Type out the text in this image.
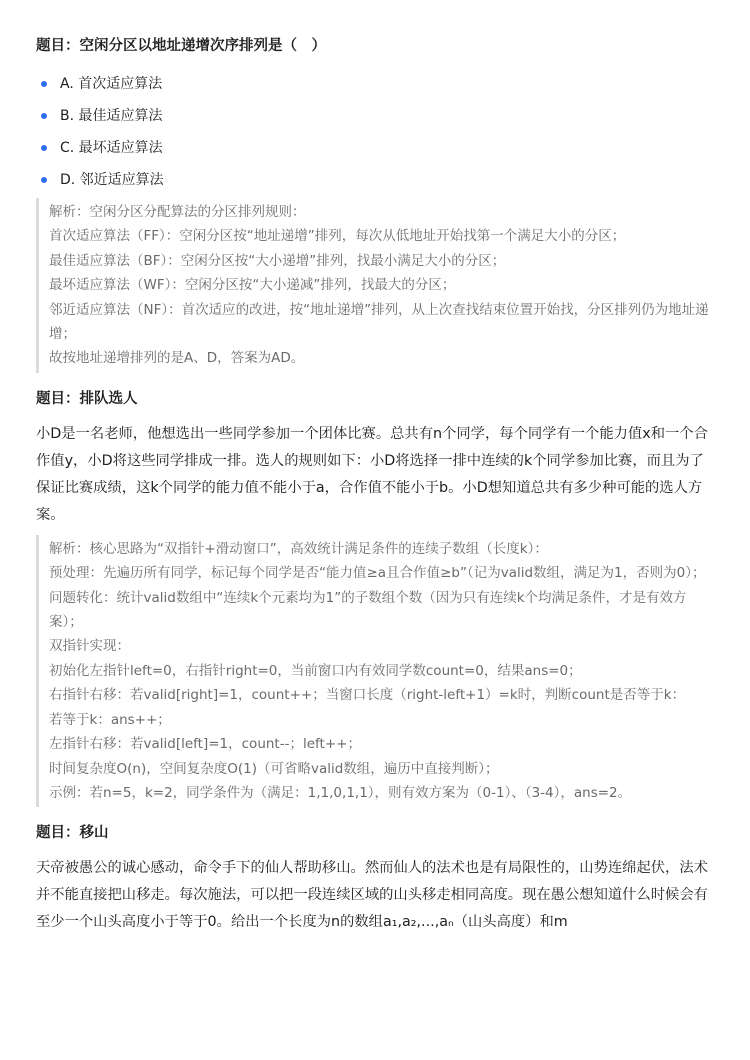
题目：空闲分区以地址递增次序排列是（　）
A. 首次适应算法
B. 最佳适应算法
C. 最坏适应算法
D. 邻近适应算法

解析：空闲分区分配算法的分区排列规则：

首次适应算法（FF）：空闲分区按“地址递增”排列，每次从低地址开始找第一个满足大小的分区；

最佳适应算法（BF）：空闲分区按“大小递增”排列，找最小满足大小的分区；

最坏适应算法（WF）：空闲分区按“大小递减”排列，找最大的分区；

邻近适应算法（NF）：首次适应的改进，按“地址递增”排列，从上次查找结束位置开始找，分区排列仍为地址递增；

故按地址递增排列的是A、D，答案为AD。

题目：排队选人

小D是一名老师，他想选出一些同学参加一个团体比赛。总共有n个同学，每个同学有一个能力值x和一个合作值y，小D将这些同学排成一排。选人的规则如下：小D将选择一排中连续的k个同学参加比赛，而且为了保证比赛成绩，这k个同学的能力值不能小于a，合作值不能小于b。小D想知道总共有多少种可能的选人方案。

解析：核心思路为“双指针+滑动窗口”，高效统计满足条件的连续子数组（长度k）：

预处理：先遍历所有同学，标记每个同学是否“能力值≥a且合作值≥b”（记为valid数组，满足为1，否则为0）；

问题转化：统计valid数组中“连续k个元素均为1”的子数组个数（因为只有连续k个均满足条件，才是有效方案）；

双指针实现：

初始化左指针left=0，右指针right=0，当前窗口内有效同学数count=0，结果ans=0；

右指针右移：若valid[right]=1，count++；当窗口长度（right-left+1）=k时，判断count是否等于k：

若等于k：ans++；

左指针右移：若valid[left]=1，count--；left++；

时间复杂度O(n)，空间复杂度O(1)（可省略valid数组，遍历中直接判断）；

示例：若n=5，k=2，同学条件为（满足：1,1,0,1,1），则有效方案为（0-1）、（3-4），ans=2。

题目：移山

天帝被愚公的诚心感动，命令手下的仙人帮助移山。然而仙人的法术也是有局限性的，山势连绵起伏，法术并不能直接把山移走。每次施法，可以把一段连续区域的山头移走相同高度。现在愚公想知道什么时候会有至少一个山头高度小于等于0。给出一个长度为n的数组a₁,a₂,...,aₙ（山头高度）和m
